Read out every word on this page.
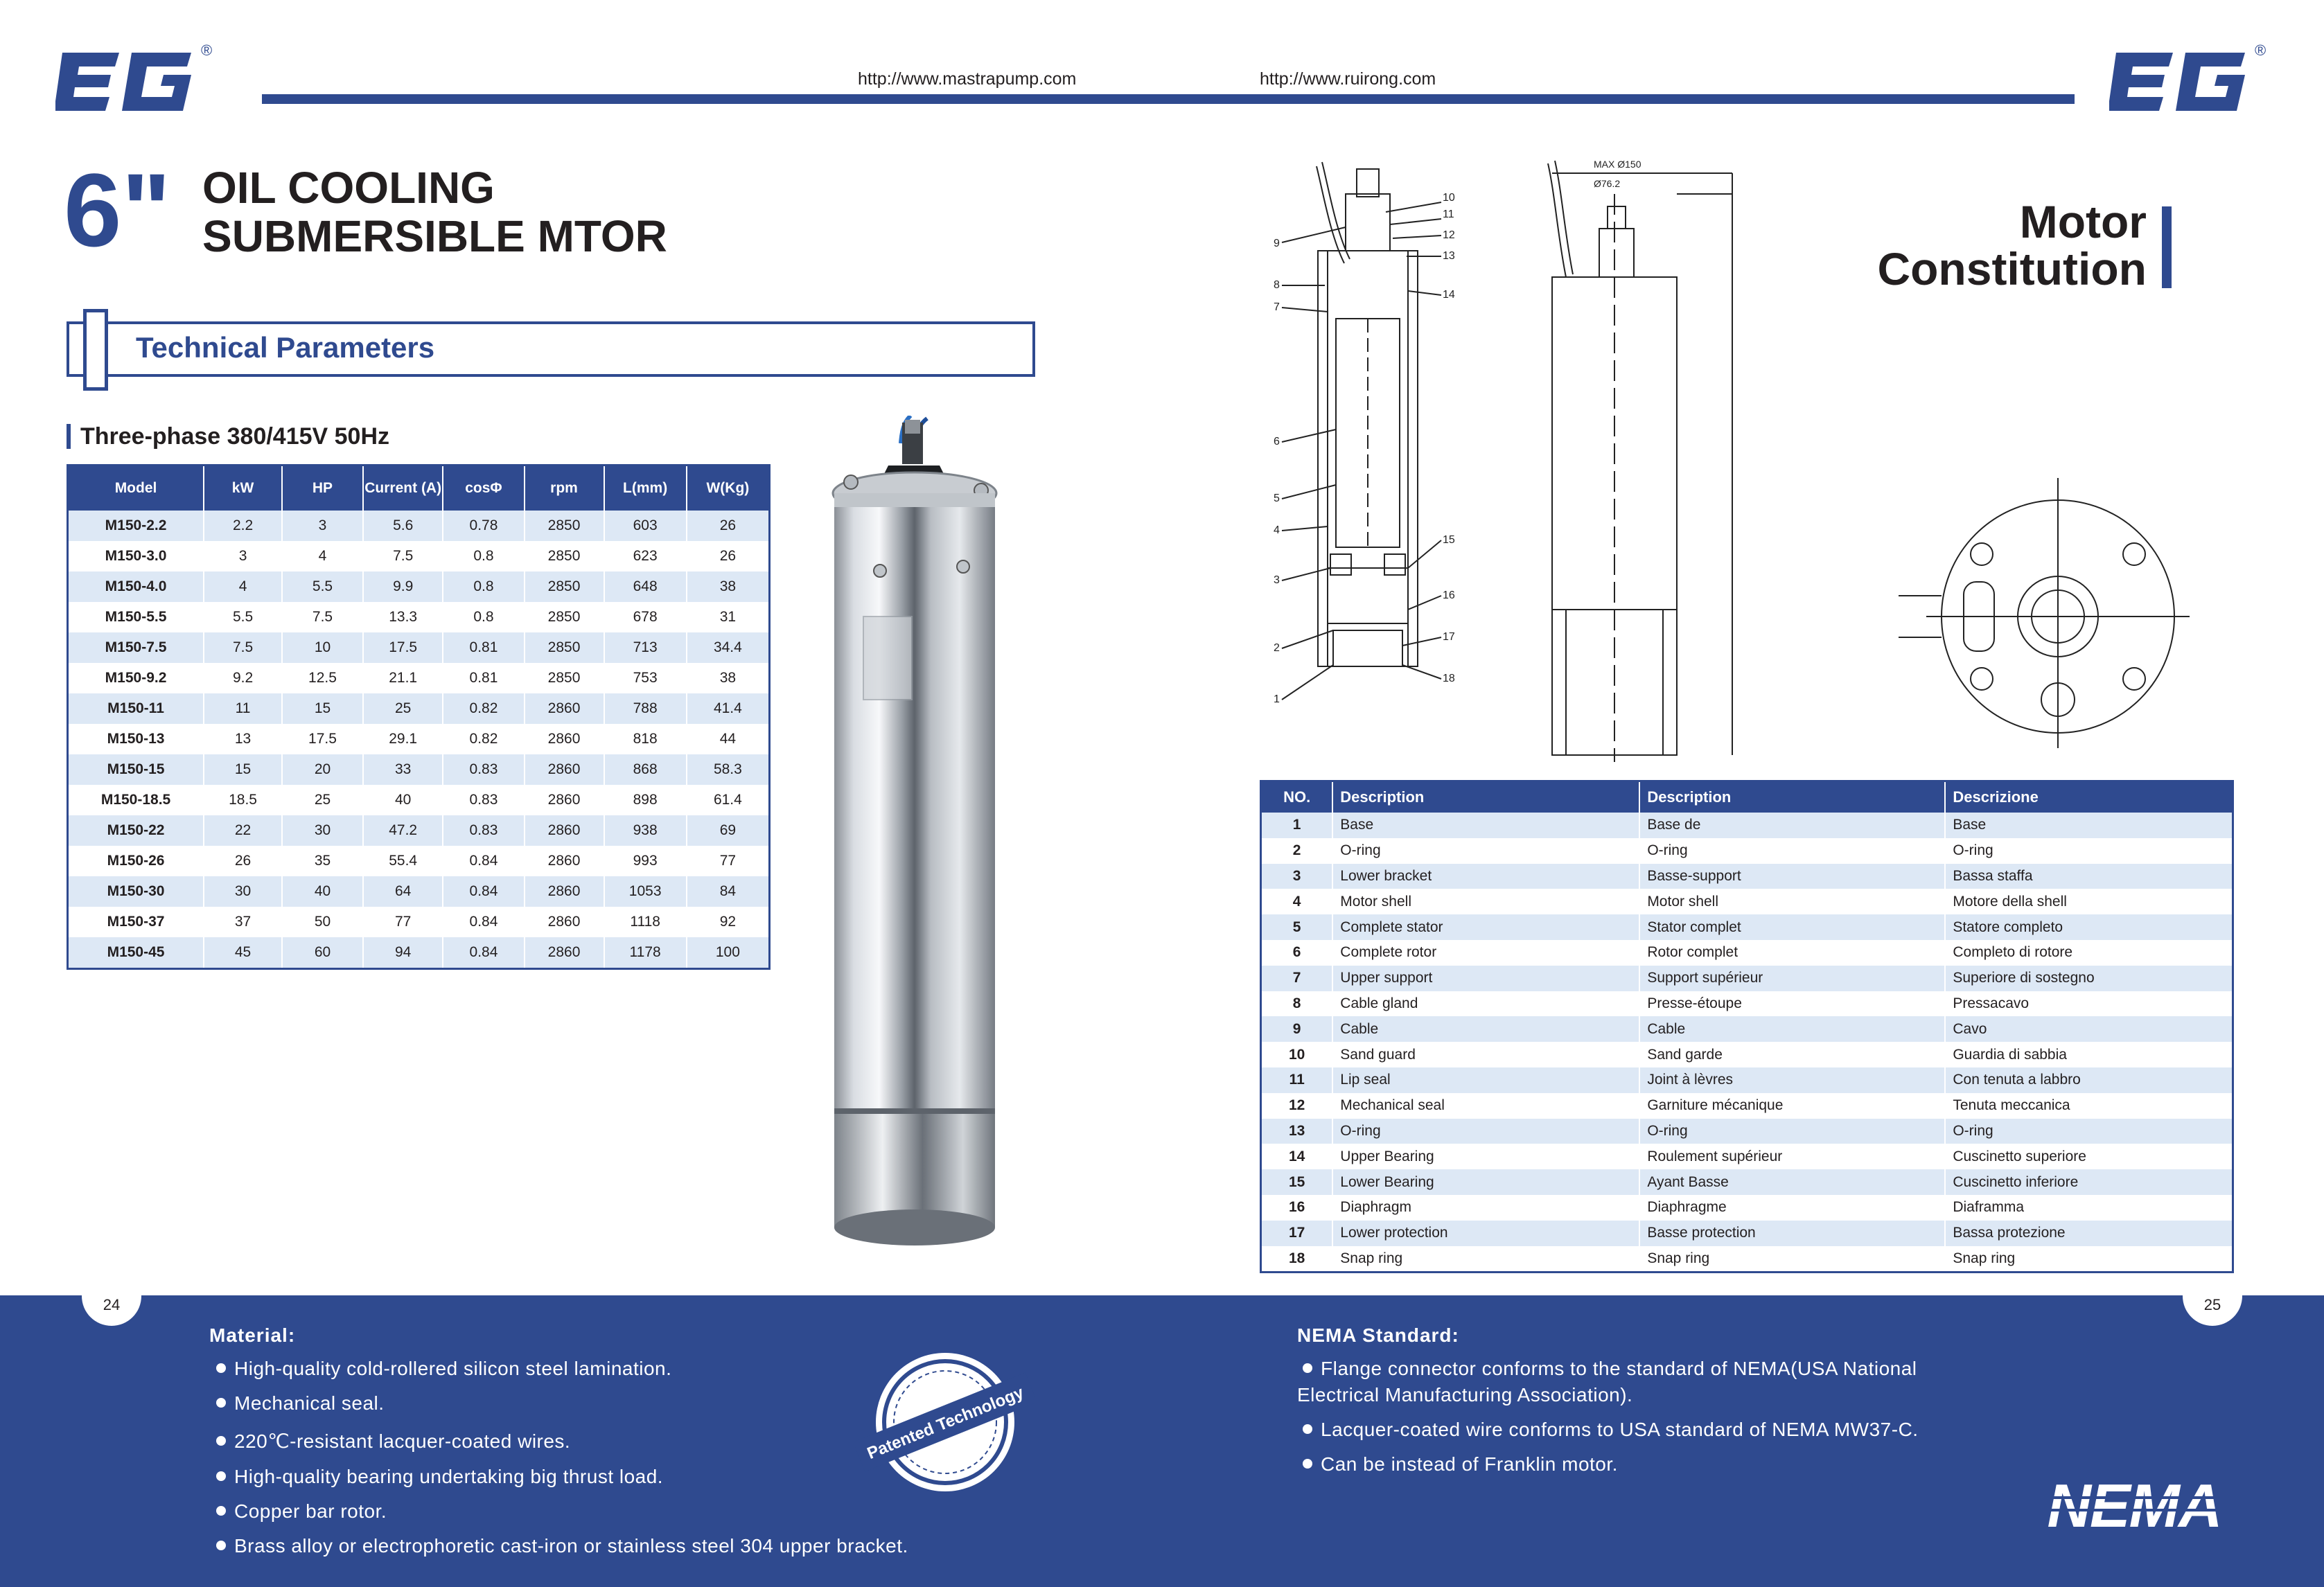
®
http://www.mastrapump.com	http://www.ruirong.com
®
6" OIL COOLING
SUBMERSIBLE MTOR
Technical Parameters
Three-phase 380/415V 50Hz
Model	kW	HP	Current (A)	cosΦ	rpm	L(mm)	W(Kg)
M150-2.2	2.2	3	5.6	0.78	2850	603	26
M150-3.0	3	4	7.5	0.8	2850	623	26
M150-4.0	4	5.5	9.9	0.8	2850	648	38
M150-5.5	5.5	7.5	13.3	0.8	2850	678	31
M150-7.5	7.5	10	17.5	0.81	2850	713	34.4
M150-9.2	9.2	12.5	21.1	0.81	2850	753	38
M150-11	11	15	25	0.82	2860	788	41.4
M150-13	13	17.5	29.1	0.82	2860	818	44
M150-15	15	20	33	0.83	2860	868	58.3
M150-18.5	18.5	25	40	0.83	2860	898	61.4
M150-22	22	30	47.2	0.83	2860	938	69
M150-26	26	35	55.4	0.84	2860	993	77
M150-30	30	40	64	0.84	2860	1053	84
M150-37	37	50	77	0.84	2860	1118	92
M150-45	45	60	94	0.84	2860	1178	100
9
8
7
6
5
4
3
2
1
10
11
12
13
14
15
16
17
18
MAX Ø150
Ø76.2
Motor
Constitution
NO.	Description	Description	Descrizione
1	Base	Base de	Base
2	O-ring	O-ring	O-ring
3	Lower bracket	Basse-support	Bassa staffa
4	Motor shell	Motor shell	Motore della shell
5	Complete stator	Stator complet	Statore completo
6	Complete rotor	Rotor complet	Completo di rotore
7	Upper support	Support supérieur	Superiore di sostegno
8	Cable gland	Presse-étoupe	Pressacavo
9	Cable	Cable	Cavo
10	Sand guard	Sand garde	Guardia di sabbia
11	Lip seal	Joint à lèvres	Con tenuta a labbro
12	Mechanical seal	Garniture mécanique	Tenuta meccanica
13	O-ring	O-ring	O-ring
14	Upper Bearing	Roulement supérieur	Cuscinetto superiore
15	Lower Bearing	Ayant Basse	Cuscinetto inferiore
16	Diaphragm	Diaphragme	Diaframma
17	Lower protection	Basse protection	Bassa protezione
18	Snap ring	Snap ring	Snap ring
24	25
Material:
High-quality cold-rollered silicon steel lamination.
Mechanical seal.
220℃-resistant lacquer-coated wires.
High-quality bearing undertaking big thrust load.
Copper bar rotor.
Brass alloy or electrophoretic cast-iron or stainless steel 304 upper bracket.
Patented Technology
NEMA Standard:
Flange connector conforms to the standard of NEMA(USA National
Electrical Manufacturing Association).
Lacquer-coated wire conforms to USA standard of NEMA MW37-C.
Can be instead of Franklin motor.
NEMA
